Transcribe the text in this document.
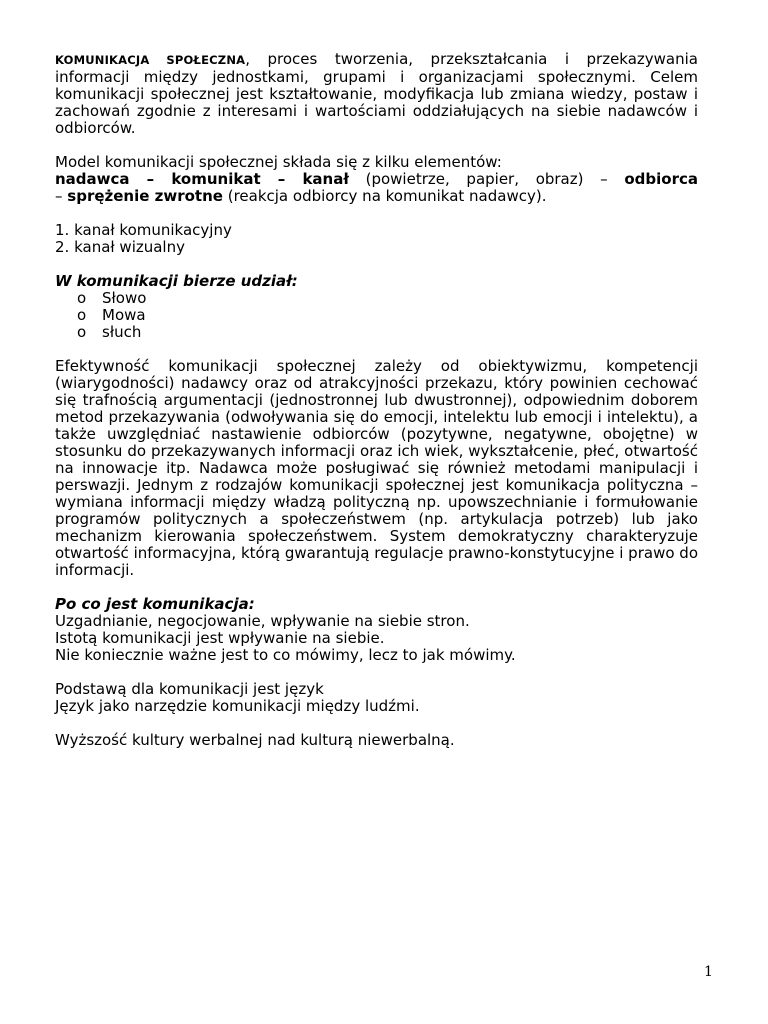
KOMUNIKACJA SPOŁECZNA, proces tworzenia, przekształcania i przekazywania informacji między jednostkami, grupami i organizacjami społecznymi. Celem komunikacji społecznej jest kształtowanie, modyfikacja lub zmiana wiedzy, postaw i zachowań zgodnie z interesami i wartościami oddziałujących na siebie nadawców i odbiorców.

Model komunikacji społecznej składa się z kilku elementów:

nadawca – komunikat – kanał (powietrze, papier, obraz) – odbiorca

– sprężenie zwrotne (reakcja odbiorcy na komunikat nadawcy).

1. kanał komunikacyjny

2. kanał wizualny

W komunikacji bierze udział:

o	Słowo
o	Mowa
o	słuch

Efektywność komunikacji społecznej zależy od obiektywizmu, kompetencji (wiarygodności) nadawcy oraz od atrakcyjności przekazu, który powinien cechować się trafnością argumentacji (jednostronnej lub dwustronnej), odpowiednim doborem metod przekazywania (odwoływania się do emocji, intelektu lub emocji i intelektu), a także uwzględniać nastawienie odbiorców (pozytywne, negatywne, obojętne) w stosunku do przekazywanych informacji oraz ich wiek, wykształcenie, płeć, otwartość na innowacje itp. Nadawca może posługiwać się również metodami manipulacji i perswazji. Jednym z rodzajów komunikacji społecznej jest komunikacja polityczna – wymiana informacji między władzą polityczną np. upowszechnianie i formułowanie programów politycznych a społeczeństwem (np. artykulacja potrzeb) lub jako mechanizm kierowania społeczeństwem. System demokratyczny charakteryzuje otwartość informacyjna, którą gwarantują regulacje prawno-konstytucyjne i prawo do informacji.

Po co jest komunikacja:

Uzgadnianie, negocjowanie, wpływanie na siebie stron.

Istotą komunikacji jest wpływanie na siebie.

Nie koniecznie ważne jest to co mówimy, lecz to jak mówimy.

Podstawą dla komunikacji jest język

Język jako narzędzie komunikacji między ludźmi.

Wyższość kultury werbalnej nad kulturą niewerbalną.

1
